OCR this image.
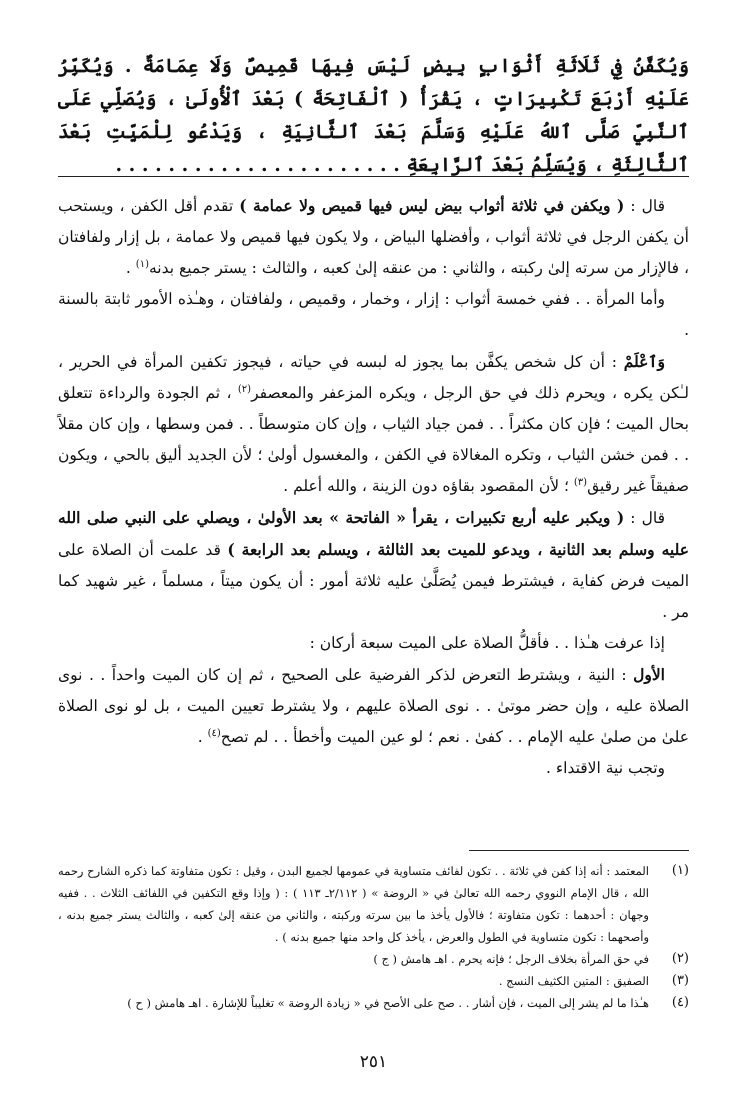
وَيُكَفَّنُ فِي ثَلَاثَةِ أَثْوَابٍ بِيضٍ لَيْسَ فِيهَا قَمِيصٌ وَلَا عِمَامَةٌ . وَيُكَبِّرُ عَلَيْهِ أَرْبَعَ تَكْبِيرَاتٍ ، يَقْرَأُ ( ٱلْفَاتِحَةَ ) بَعْدَ ٱلْأُولَىٰ ، وَيُصَلِّي عَلَى ٱلنَّبِيِّ صَلَّى ٱللهُ عَلَيْهِ وَسَلَّمَ بَعْدَ ٱلثَّانِيَةِ ، وَيَدْعُو لِلْمَيِّتِ بَعْدَ ٱلثَّالِثَةِ ، وَيُسَلِّمُ بَعْدَ ٱلرَّابِعَةِ . . . . . . . . . . . . . . . . . . . . . .

قال : ( ويكفن في ثلاثة أثواب بيض ليس فيها قميص ولا عمامة ) تقدم أقل الكفن ، ويستحب أن يكفن الرجل في ثلاثة أثواب ، وأفضلها البياض ، ولا يكون فيها قميص ولا عمامة ، بل إزار ولفافتان ، فالإزار من سرته إلىٰ ركبته ، والثاني : من عنقه إلىٰ كعبه ، والثالث : يستر جميع بدنه$^{(١)}$ .

وأما المرأة . . ففي خمسة أثواب : إزار ، وخمار ، وقميص ، ولفافتان ، وهـٰذه الأمور ثابتة بالسنة .

وَٱعْلَمْ : أن كل شخص يكفَّن بما يجوز له لبسه في حياته ، فيجوز تكفين المرأة في الحرير ، لـٰكن يكره ، ويحرم ذلك في حق الرجل ، ويكره المزعفر والمعصفر$^{(٢)}$ ، ثم الجودة والرداءة تتعلق بحال الميت ؛ فإن كان مكثراً . . فمن جياد الثياب ، وإن كان متوسطاً . . فمن وسطها ، وإن كان مقلاً . . فمن خشن الثياب ، وتكره المغالاة في الكفن ، والمغسول أولىٰ ؛ لأن الجديد أليق بالحي ، ويكون صفيقاً غير رقيق$^{(٣)}$ ؛ لأن المقصود بقاؤه دون الزينة ، والله أعلم .

قال : ( ويكبر عليه أربع تكبيرات ، يقرأ « الفاتحة » بعد الأولىٰ ، ويصلي على النبي صلى الله عليه وسلم بعد الثانية ، ويدعو للميت بعد الثالثة ، ويسلم بعد الرابعة ) قد علمت أن الصلاة على الميت فرض كفاية ، فيشترط فيمن يُصَلَّىٰ عليه ثلاثة أمور : أن يكون ميتاً ، مسلماً ، غير شهيد كما مر .

إذا عرفت هـٰذا . . فأقلُّ الصلاة على الميت سبعة أركان :

الأول : النية ، ويشترط التعرض لذكر الفرضية على الصحيح ، ثم إن كان الميت واحداً . . نوى الصلاة عليه ، وإن حضر موتىٰ . . نوى الصلاة عليهم ، ولا يشترط تعيين الميت ، بل لو نوى الصلاة علىٰ من صلىٰ عليه الإمام . . كفىٰ . نعم ؛ لو عين الميت وأخطأ . . لم تصح$^{(٤)}$ .

وتجب نية الاقتداء .

(١)
المعتمد : أنه إذا كفن في ثلاثة . . تكون لفائف متساوية في عمومها لجميع البدن ، وقيل : تكون متفاوتة كما ذكره الشارح رحمه الله ، قال الإمام النووي رحمه الله تعالىٰ في « الروضة » ( ٢/١١٢ـ ١١٣ ) : ( وإذا وقع التكفين في اللفائف الثلاث . . ففيه وجهان : أحدهما : تكون متفاوتة ؛ فالأول يأخذ ما بين سرته وركبته ، والثاني من عنقه إلىٰ كعبه ، والثالث يستر جميع بدنه ، وأصحهما : تكون متساوية في الطول والعرض ، يأخذ كل واحد منها جميع بدنه ) .

(٢)
في حق المرأة بخلاف الرجل ؛ فإنه يحرم . اهـ هامش ( ج )

(٣)
الصفيق : المتين الكثيف النسج .

(٤)
هـٰذا ما لم يشر إلى الميت ، فإن أشار . . صح على الأصح في « زيادة الروضة » تغليباً للإشارة . اهـ هامش ( ح )

٢٥١
